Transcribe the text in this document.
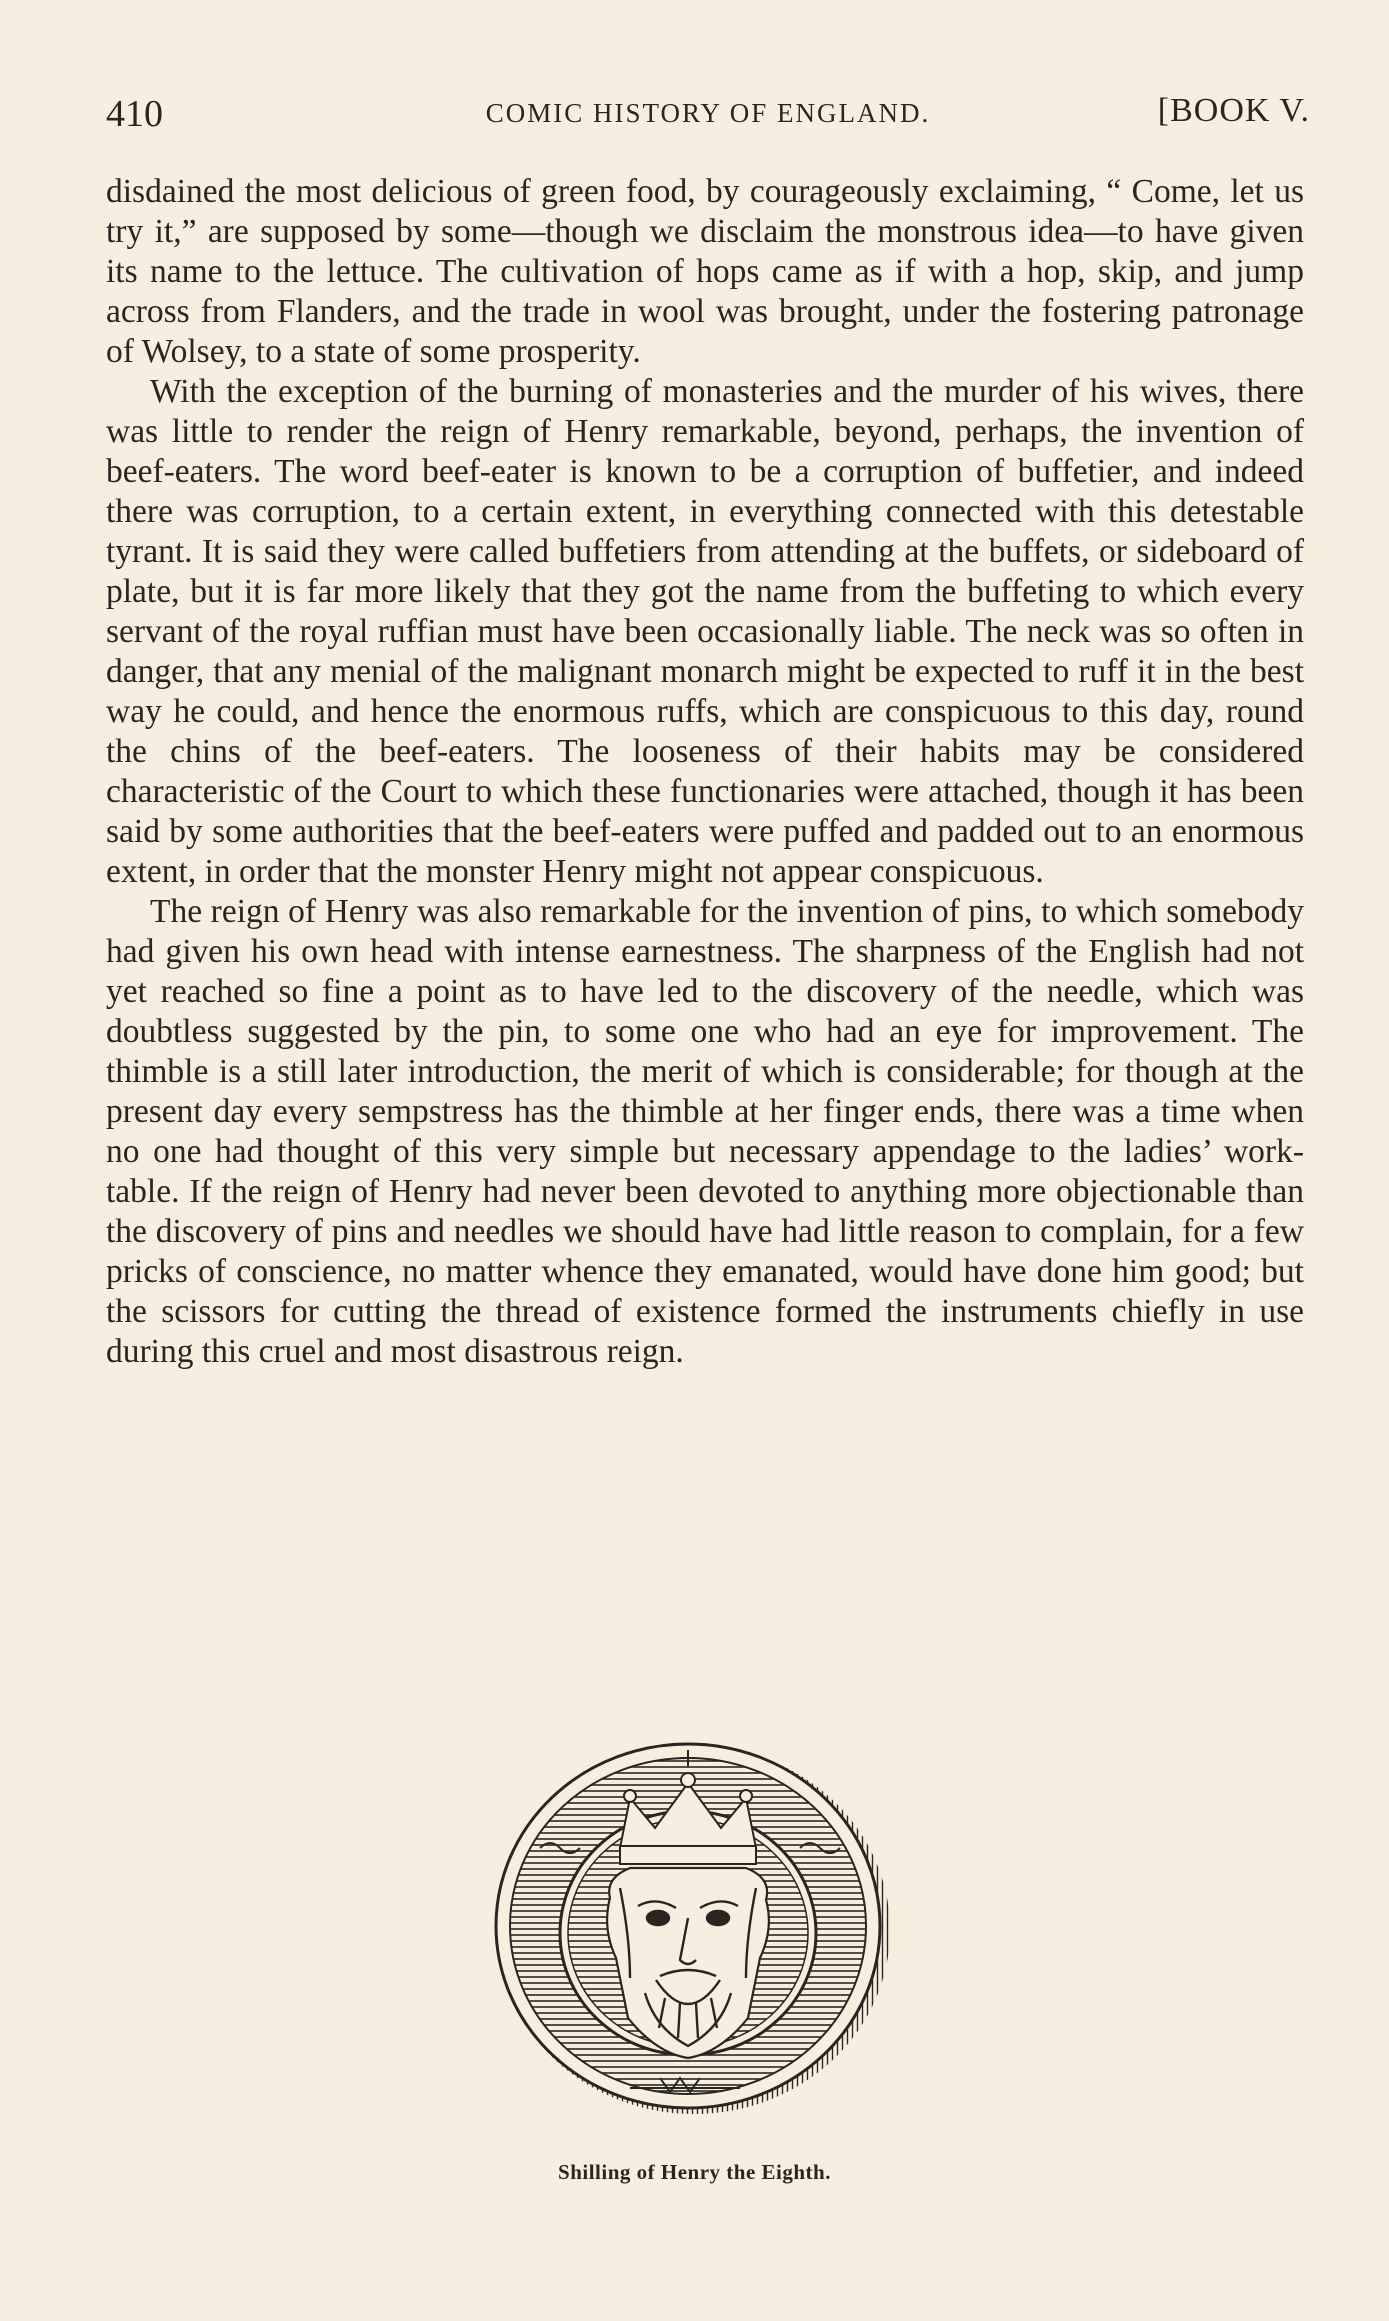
410	COMIC HISTORY OF ENGLAND.	[BOOK V.

disdained the most delicious of green food, by courageously exclaiming, “ Come, let us try it,” are supposed by some—though we disclaim the monstrous idea—to have given its name to the lettuce. The cultivation of hops came as if with a hop, skip, and jump across from Flanders, and the trade in wool was brought, under the fostering patronage of Wolsey, to a state of some prosperity.

With the exception of the burning of monasteries and the murder of his wives, there was little to render the reign of Henry remarkable, beyond, perhaps, the invention of beef-eaters. The word beef-eater is known to be a corruption of buffetier, and indeed there was corruption, to a certain extent, in everything connected with this detestable tyrant. It is said they were called buffetiers from attending at the buffets, or sideboard of plate, but it is far more likely that they got the name from the buffeting to which every servant of the royal ruffian must have been occasionally liable. The neck was so often in danger, that any menial of the malignant monarch might be expected to ruff it in the best way he could, and hence the enormous ruffs, which are conspicuous to this day, round the chins of the beef-eaters. The looseness of their habits may be considered characteristic of the Court to which these functionaries were attached, though it has been said by some authorities that the beef-eaters were puffed and padded out to an enormous extent, in order that the monster Henry might not appear conspicuous.

The reign of Henry was also remarkable for the invention of pins, to which somebody had given his own head with intense earnestness. The sharpness of the English had not yet reached so fine a point as to have led to the discovery of the needle, which was doubtless suggested by the pin, to some one who had an eye for improvement. The thimble is a still later introduction, the merit of which is considerable; for though at the present day every sempstress has the thimble at her finger ends, there was a time when no one had thought of this very simple but necessary appendage to the ladies’ work-table. If the reign of Henry had never been devoted to anything more objectionable than the discovery of pins and needles we should have had little reason to complain, for a few pricks of conscience, no matter whence they emanated, would have done him good; but the scissors for cutting the thread of existence formed the instruments chiefly in use during this cruel and most disastrous reign.

Shilling of Henry the Eighth.
